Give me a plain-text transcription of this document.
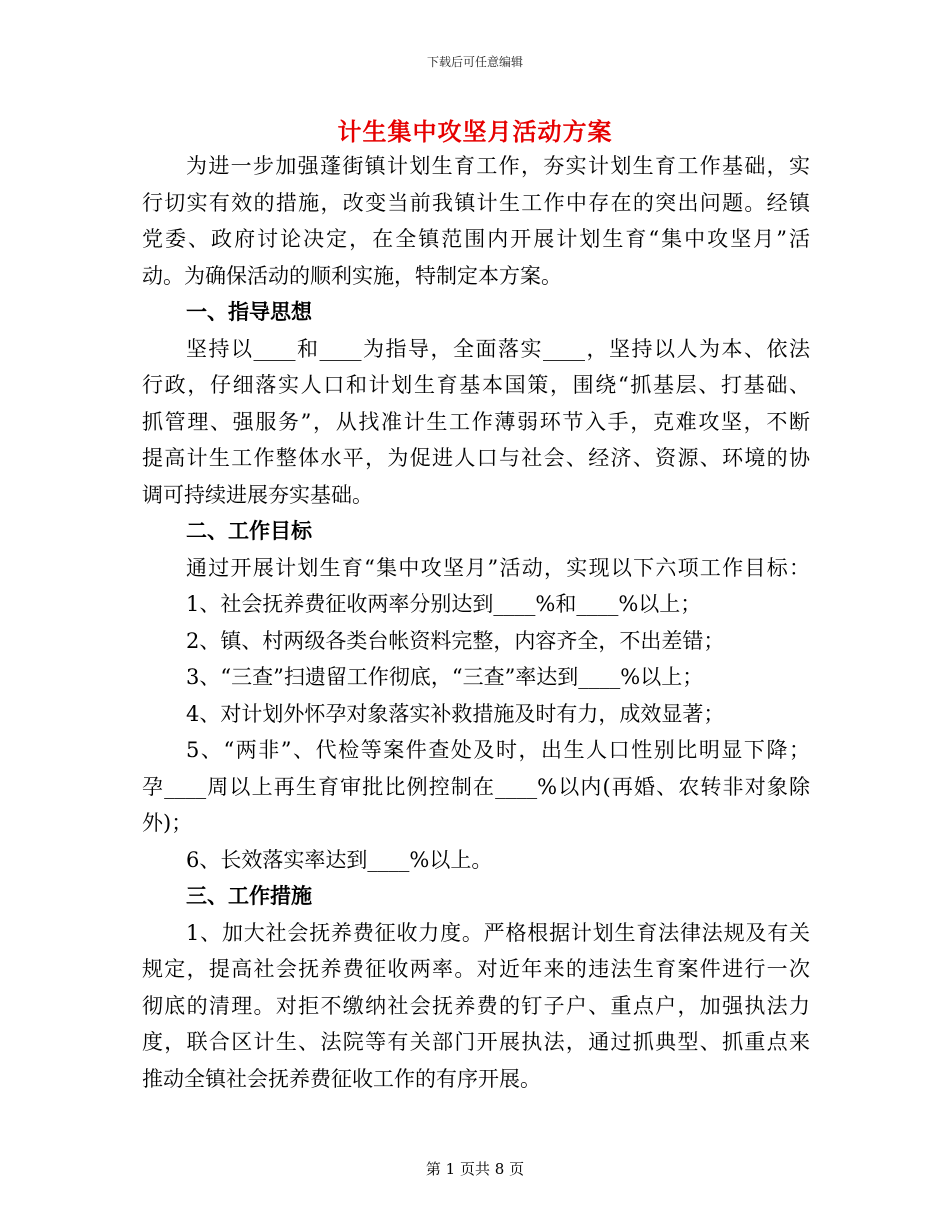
下载后可任意编辑
计生集中攻坚月活动方案
为进一步加强蓬街镇计划生育工作，夯实计划生育工作基础，实
行切实有效的措施，改变当前我镇计生工作中存在的突出问题。经镇
党委、政府讨论决定，在全镇范围内开展计划生育“集中攻坚月”活
动。为确保活动的顺利实施，特制定本方案。
一、指导思想
坚持以____和____为指导，全面落实____，坚持以人为本、依法
行政，仔细落实人口和计划生育基本国策，围绕“抓基层、打基础、
抓管理、强服务”，从找准计生工作薄弱环节入手，克难攻坚，不断
提高计生工作整体水平，为促进人口与社会、经济、资源、环境的协
调可持续进展夯实基础。
二、工作目标
通过开展计划生育“集中攻坚月”活动，实现以下六项工作目标：
1、社会抚养费征收两率分别达到____%和____%以上；
2、镇、村两级各类台帐资料完整，内容齐全，不出差错；
3、“三查”扫遗留工作彻底，“三查”率达到____%以上；
4、对计划外怀孕对象落实补救措施及时有力，成效显著；
5、“两非”、代检等案件查处及时，出生人口性别比明显下降；
孕____周以上再生育审批比例控制在____%以内(再婚、农转非对象除
外)；
6、长效落实率达到____%以上。
三、工作措施
1、加大社会抚养费征收力度。严格根据计划生育法律法规及有关
规定，提高社会抚养费征收两率。对近年来的违法生育案件进行一次
彻底的清理。对拒不缴纳社会抚养费的钉子户、重点户，加强执法力
度，联合区计生、法院等有关部门开展执法，通过抓典型、抓重点来
推动全镇社会抚养费征收工作的有序开展。
第 1 页共 8 页
